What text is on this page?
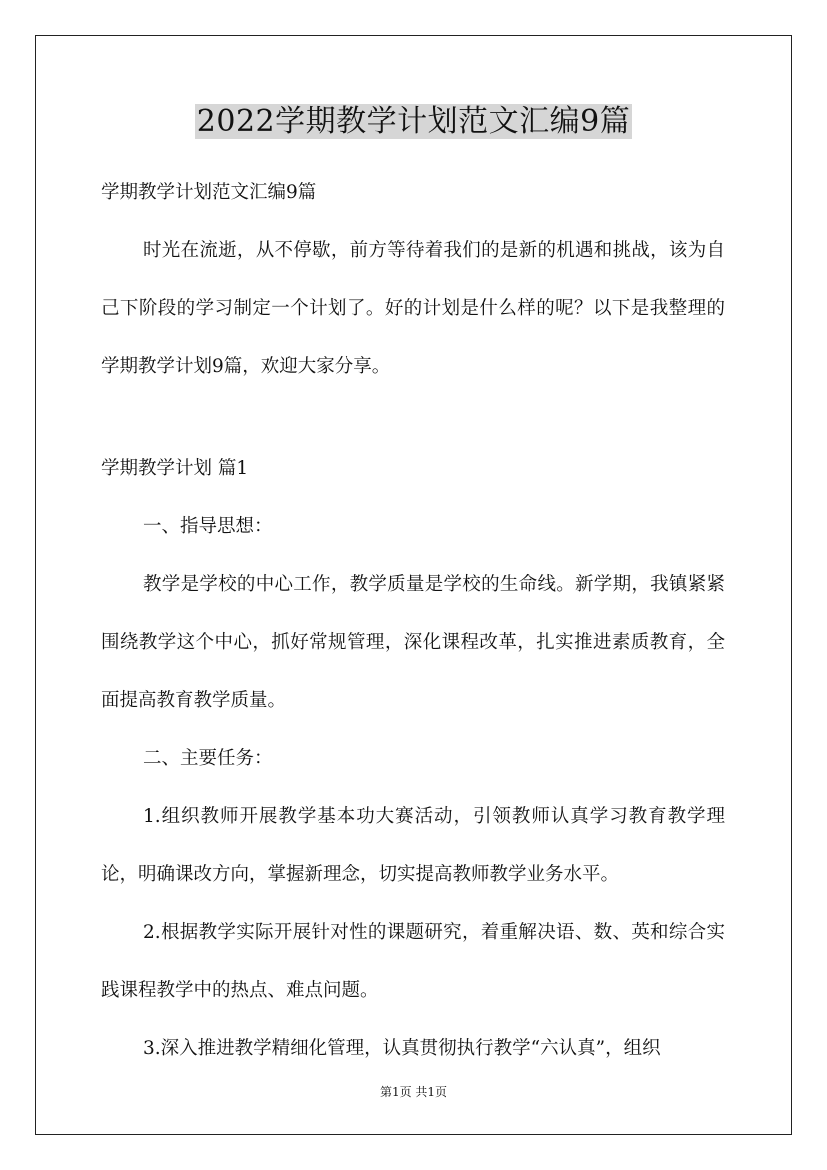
2022学期教学计划范文汇编9篇

学期教学计划范文汇编9篇

时光在流逝，从不停歇，前方等待着我们的是新的机遇和挑战，该为自己下阶段的学习制定一个计划了。好的计划是什么样的呢？以下是我整理的学期教学计划9篇，欢迎大家分享。

学期教学计划 篇1

一、指导思想：

教学是学校的中心工作，教学质量是学校的生命线。新学期，我镇紧紧围绕教学这个中心，抓好常规管理，深化课程改革，扎实推进素质教育，全面提高教育教学质量。

二、主要任务：

1.组织教师开展教学基本功大赛活动，引领教师认真学习教育教学理论，明确课改方向，掌握新理念，切实提高教师教学业务水平。

2.根据教学实际开展针对性的课题研究，着重解决语、数、英和综合实践课程教学中的热点、难点问题。

3.深入推进教学精细化管理，认真贯彻执行教学“六认真”，组织

第1页 共1页
